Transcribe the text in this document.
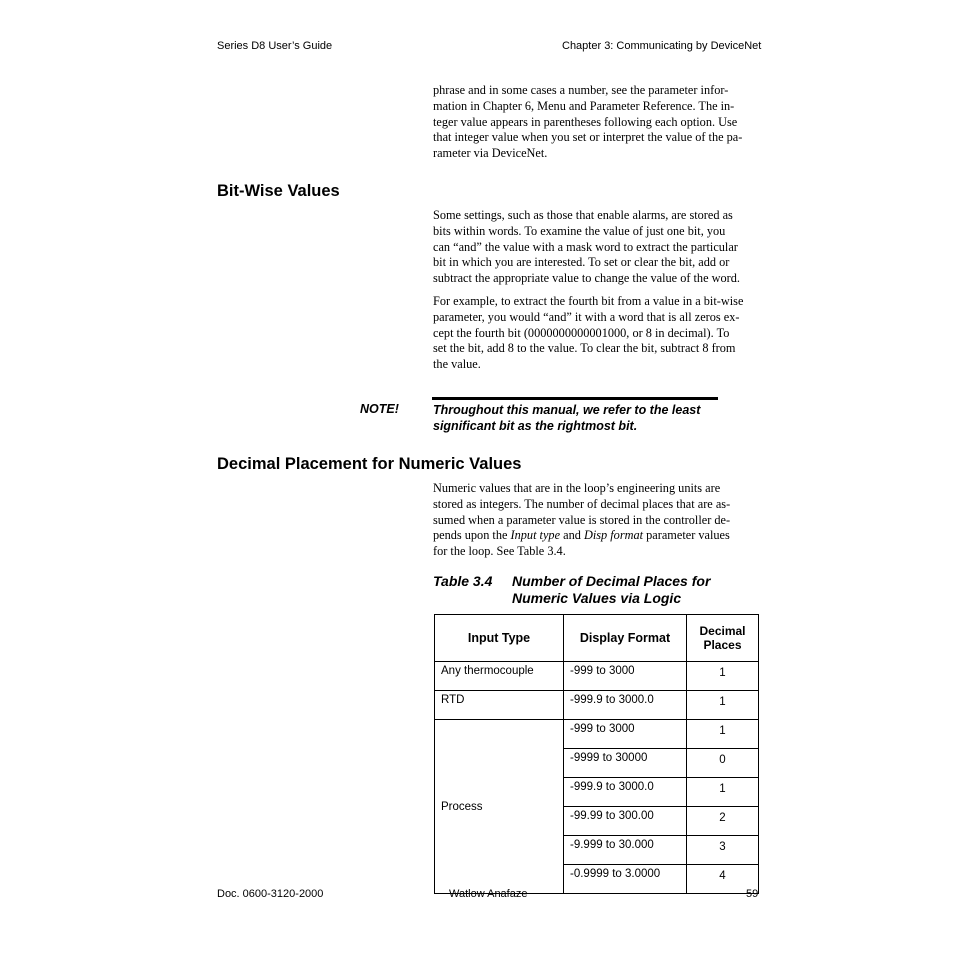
Series D8 User’s Guide	Chapter 3: Communicating by DeviceNet

phrase and in some cases a number, see the parameter infor-
mation in Chapter 6, Menu and Parameter Reference. The in-
teger value appears in parentheses following each option. Use
that integer value when you set or interpret the value of the pa-
rameter via DeviceNet.

Bit-Wise Values

Some settings, such as those that enable alarms, are stored as
bits within words. To examine the value of just one bit, you
can “and” the value with a mask word to extract the particular
bit in which you are interested. To set or clear the bit, add or
subtract the appropriate value to change the value of the word.

For example, to extract the fourth bit from a value in a bit-wise
parameter, you would “and” it with a word that is all zeros ex-
cept the fourth bit (0000000000001000, or 8 in decimal). To
set the bit, add 8 to the value. To clear the bit, subtract 8 from
the value.

NOTE!	Throughout this manual, we refer to the least
significant bit as the rightmost bit.
Decimal Placement for Numeric Values

Numeric values that are in the loop’s engineering units are
stored as integers. The number of decimal places that are as-
sumed when a parameter value is stored in the controller de-
pends upon the Input type and Disp format parameter values
for the loop. See Table 3.4.

Table 3.4 Number of Decimal Places for
Numeric Values via Logic
Input Type	Display Format	Decimal
Places
Any thermocouple	-999 to 3000	1
RTD	-999.9 to 3000.0	1
Process	-999 to 3000	1
	-9999 to 30000	0
	-999.9 to 3000.0	1
	-99.99 to 300.00	2
	-9.999 to 30.000	3
	-0.9999 to 3.0000	4
Doc. 0600-3120-2000	Watlow Anafaze	59
